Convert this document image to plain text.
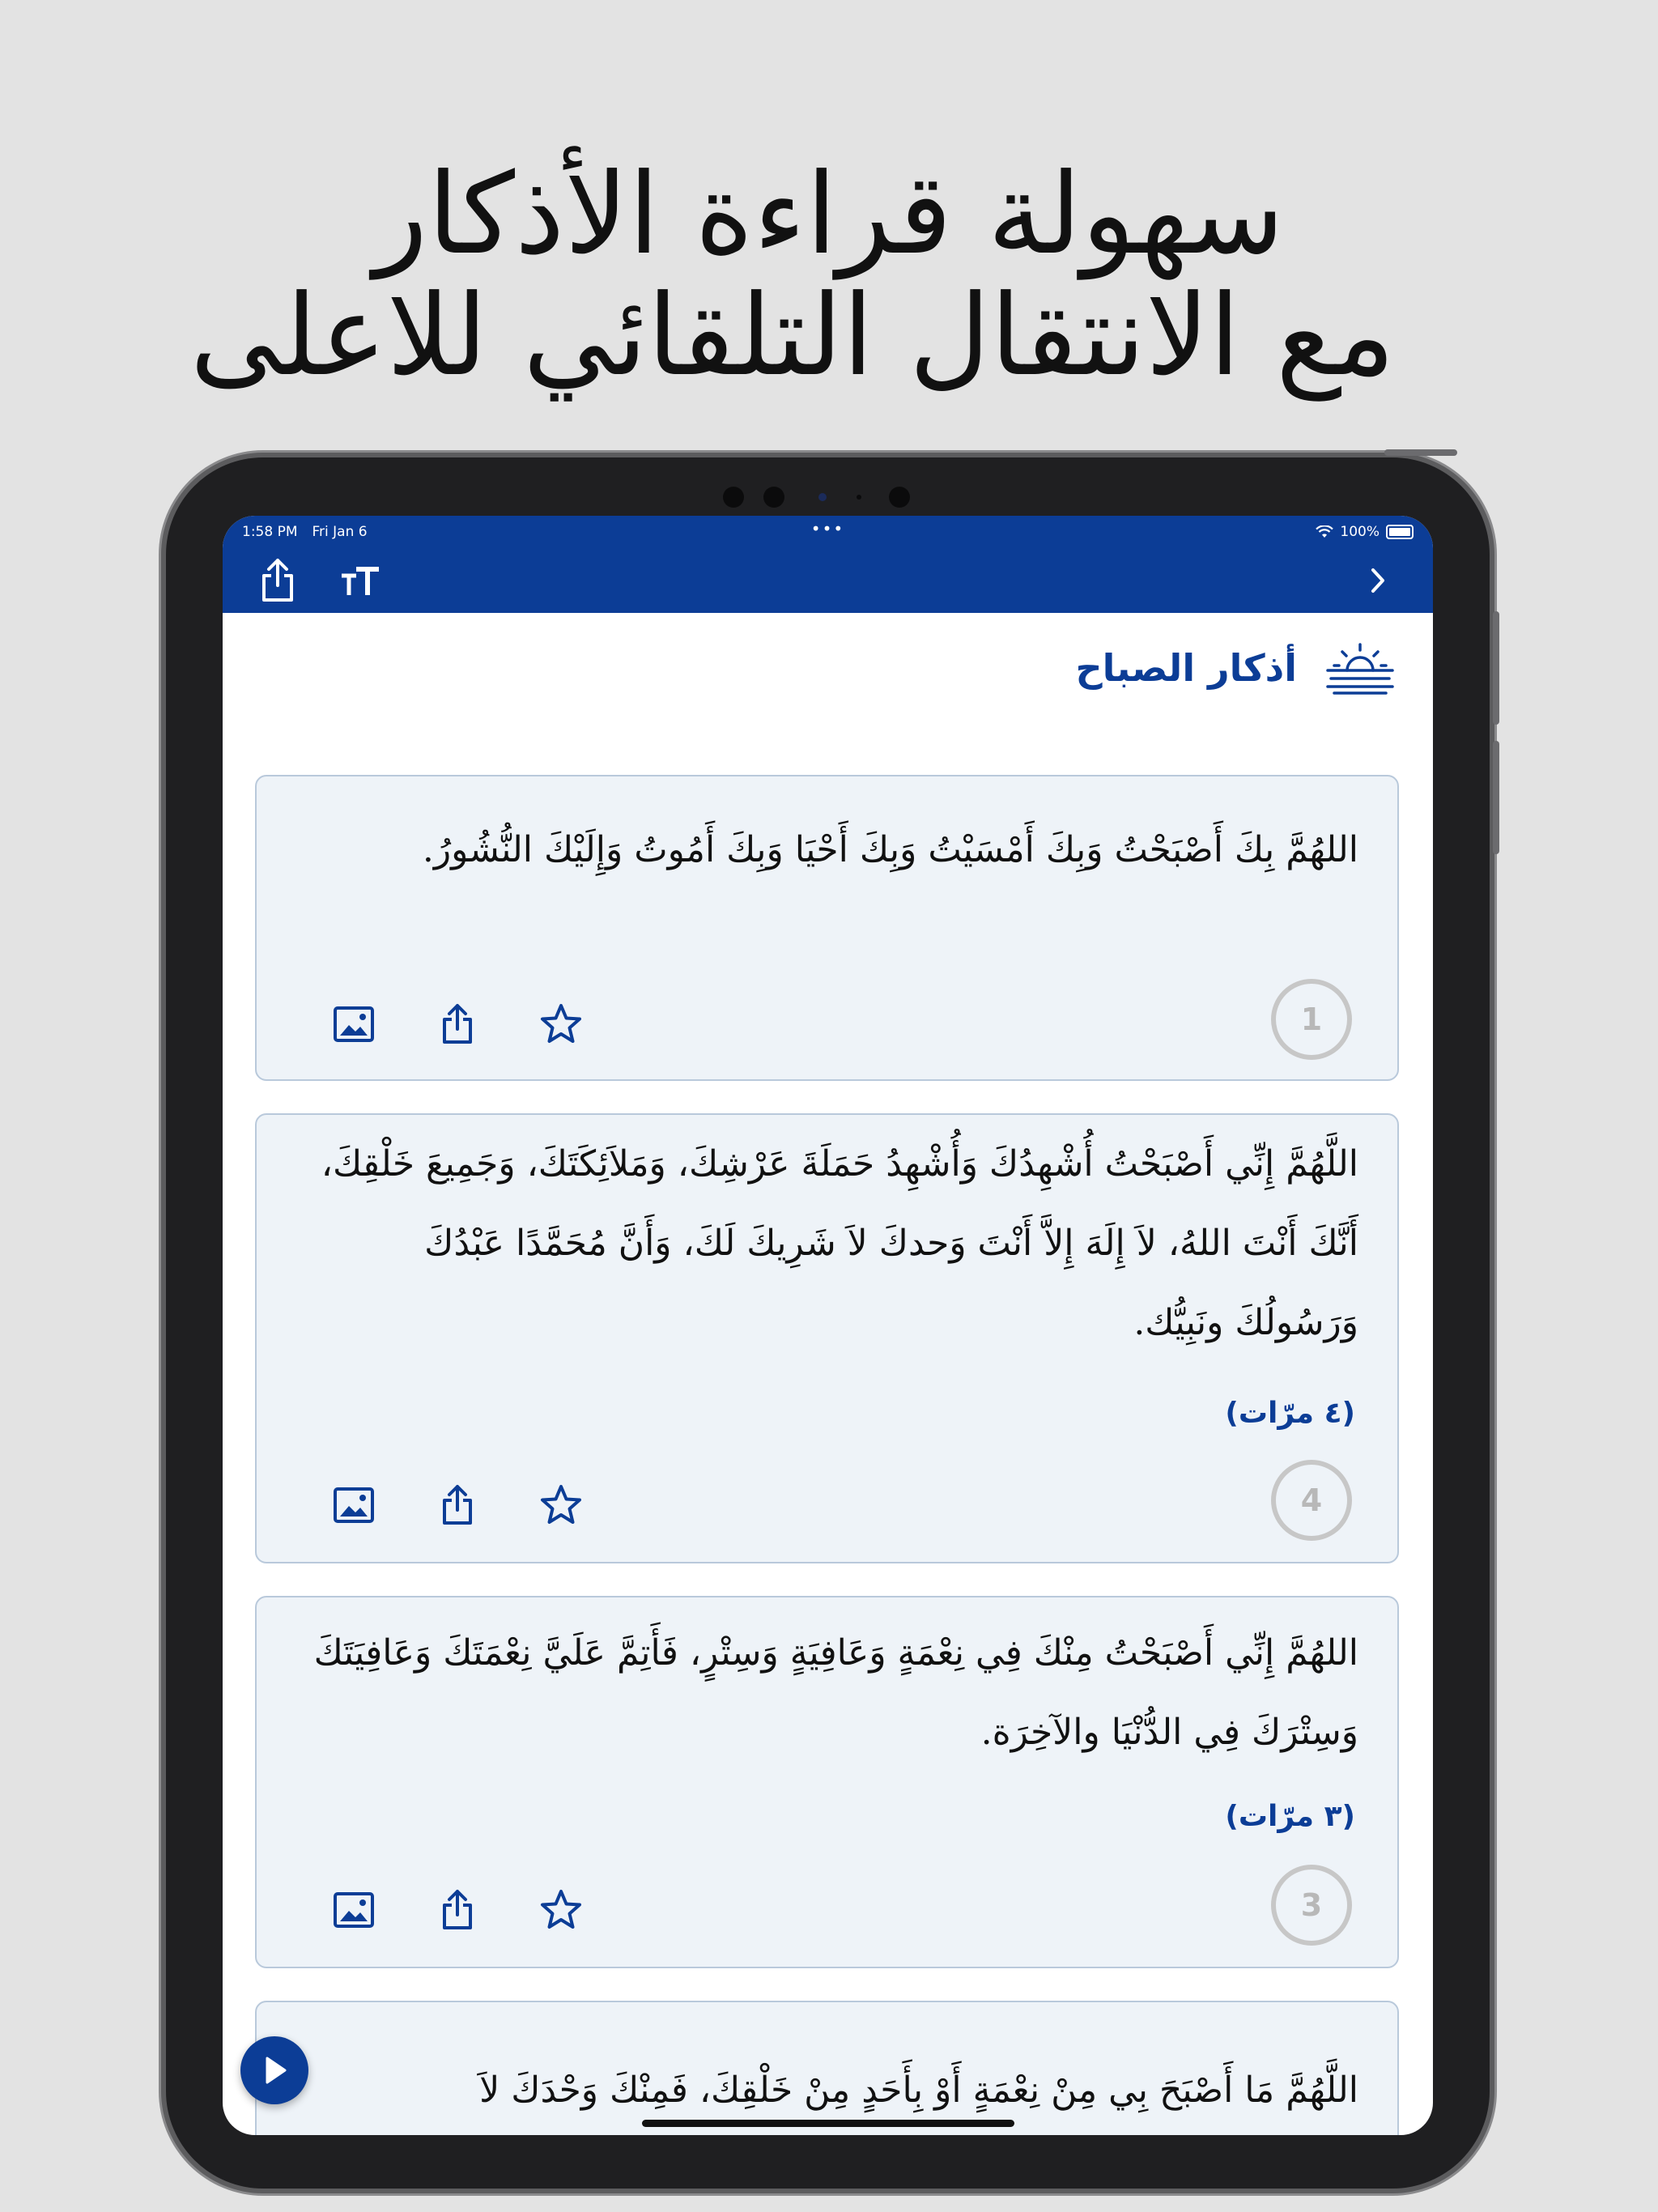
سهولة قراءة الأذكار
مع الانتقال التلقائي للاعلى
1:58 PM Fri Jan 6	•••	100%
أذكار الصباح
اللهُمَّ بِكَ أَصْبَحْتُ وَبِكَ أَمْسَيْتُ وَبِكَ أَحْيَا وَبِكَ أَمُوتُ وَإِلَيْكَ النُّشُورُ.
1
اللَّهُمَّ إِنِّي أَصْبَحْتُ أُشْهِدُكَ وَأُشْهِدُ حَمَلَةَ عَرْشِكَ، وَمَلاَئِكَتَكَ، وَجَمِيعَ خَلْقِكَ، أَنَّكَ أَنْتَ اللهُ، لاَ إِلَهَ إِلاَّ أَنْتَ وَحدكَ لاَ شَرِيكَ لَكَ، وَأَنَّ مُحَمَّدًا عَبْدُكَ وَرَسُولُكَ ونَبِيُّك.
(٤ مرّات)
4
اللهُمَّ إِنِّي أَصْبَحْتُ مِنْكَ فِي نِعْمَةٍ وَعَافِيَةٍ وَسِتْرٍ، فَأَتِمَّ عَلَيَّ نِعْمَتَكَ وَعَافِيَتَكَ وَسِتْرَكَ فِي الدُّنْيَا والآخِرَة.
(٣ مرّات)
3
اللَّهُمَّ مَا أَصْبَحَ بِي مِنْ نِعْمَةٍ أَوْ بِأَحَدٍ مِنْ خَلْقِكَ، فَمِنْكَ وَحْدَكَ لاَ
